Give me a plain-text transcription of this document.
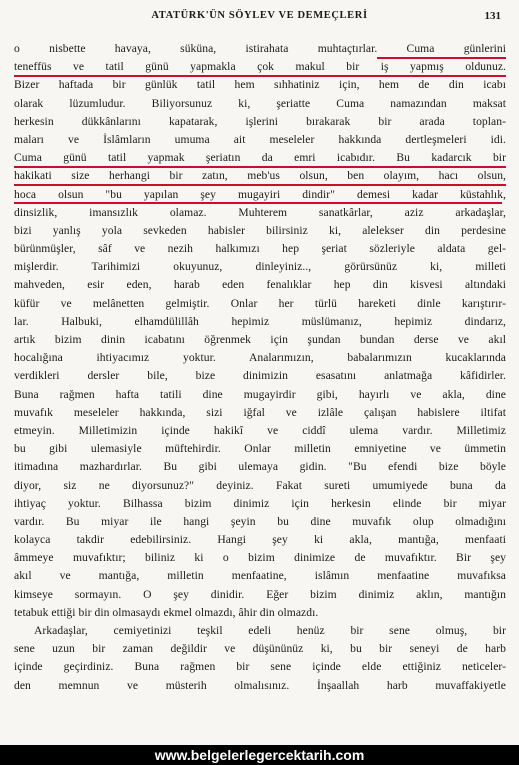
ATATÜRK'ÜN SÖYLEV VE DEMEÇLERİ	131
o nisbette havaya, süküna, istirahata muhtaçtırlar. Cuma günlerini
teneffüs ve tatil günü yapmakla çok makul bir iş yapmış oldunuz.
Bizer haftada bir günlük tatil hem sıhhatiniz için, hem de din icabı
olarak lüzumludur. Biliyorsunuz ki, şeriatte Cuma namazından maksat
herkesin dükkânlarını kapatarak, işlerini bırakarak bir arada toplan-
maları ve İslâmların umuma ait meseleler hakkında dertleşmeleri idi.
Cuma günü tatil yapmak şeriatın da emri icabıdır. Bu kadarcık bir
hakikati size herhangi bir zatın, meb'us olsun, ben olayım, hacı olsun,
hoca olsun "bu yapılan şey mugayiri dindir" demesi kadar küstahlık,
dinsizlik, imansızlık olamaz. Muhterem sanatkârlar, aziz arkadaşlar,
bizi yanlış yola sevkeden habisler bilirsiniz ki, alelekser din perdesine
bürünmüşler, sâf ve nezih halkımızı hep şeriat sözleriyle aldata gel-
mişlerdir. Tarihimizi okuyunuz, dinleyiniz.., görürsünüz ki, milleti
mahveden, esir eden, harab eden fenalıklar hep din kisvesi altındaki
küfür ve melânetten gelmiştir. Onlar her türlü hareketi dinle karıştırır-
lar. Halbuki, elhamdülillâh hepimiz müslümanız, hepimiz dindarız,
artık bizim dinin icabatını öğrenmek için şundan bundan derse ve akıl
hocalığına ihtiyacımız yoktur. Analarımızın, babalarımızın kucaklarında
verdikleri dersler bile, bize dinimizin esasatını anlatmağa kâfidirler.
Buna rağmen hafta tatili dine mugayirdir gibi, hayırlı ve akla, dine
muvafık meseleler hakkında, sizi iğfal ve izlâle çalışan habislere iltifat
etmeyin. Milletimizin içinde hakikî ve ciddî ulema vardır. Milletimiz
bu gibi ulemasiyle müftehirdir. Onlar milletin emniyetine ve ümmetin
itimadına mazhardırlar. Bu gibi ulemaya gidin. "Bu efendi bize böyle
diyor, siz ne diyorsunuz?" deyiniz. Fakat sureti umumiyede buna da
ihtiyaç yoktur. Bilhassa bizim dinimiz için herkesin elinde bir miyar
vardır. Bu miyar ile hangi şeyin bu dine muvafık olup olmadığını
kolayca takdir edebilirsiniz. Hangi şey ki akla, mantığa, menfaati
âmmeye muvafıktır; biliniz ki o bizim dinimize de muvafıktır. Bir şey
akıl ve mantığa, milletin menfaatine, islâmın menfaatine muvafıksa
kimseye sormayın. O şey dinidir. Eğer bizim dinimiz aklın, mantığın
tetabuk ettiği bir din olmasaydı ekmel olmazdı, âhir din olmazdı.
Arkadaşlar, cemiyetinizi teşkil edeli henüz bir sene olmuş, bir
sene uzun bir zaman değildir ve düşününüz ki, bu bir seneyi de harb
içinde geçirdiniz. Buna rağmen bir sene içinde elde ettiğiniz neticeler-
den memnun ve müsterih olmalısınız. İnşaallah harb muvaffakiyetle
www.belgelerlegercektarih.com
